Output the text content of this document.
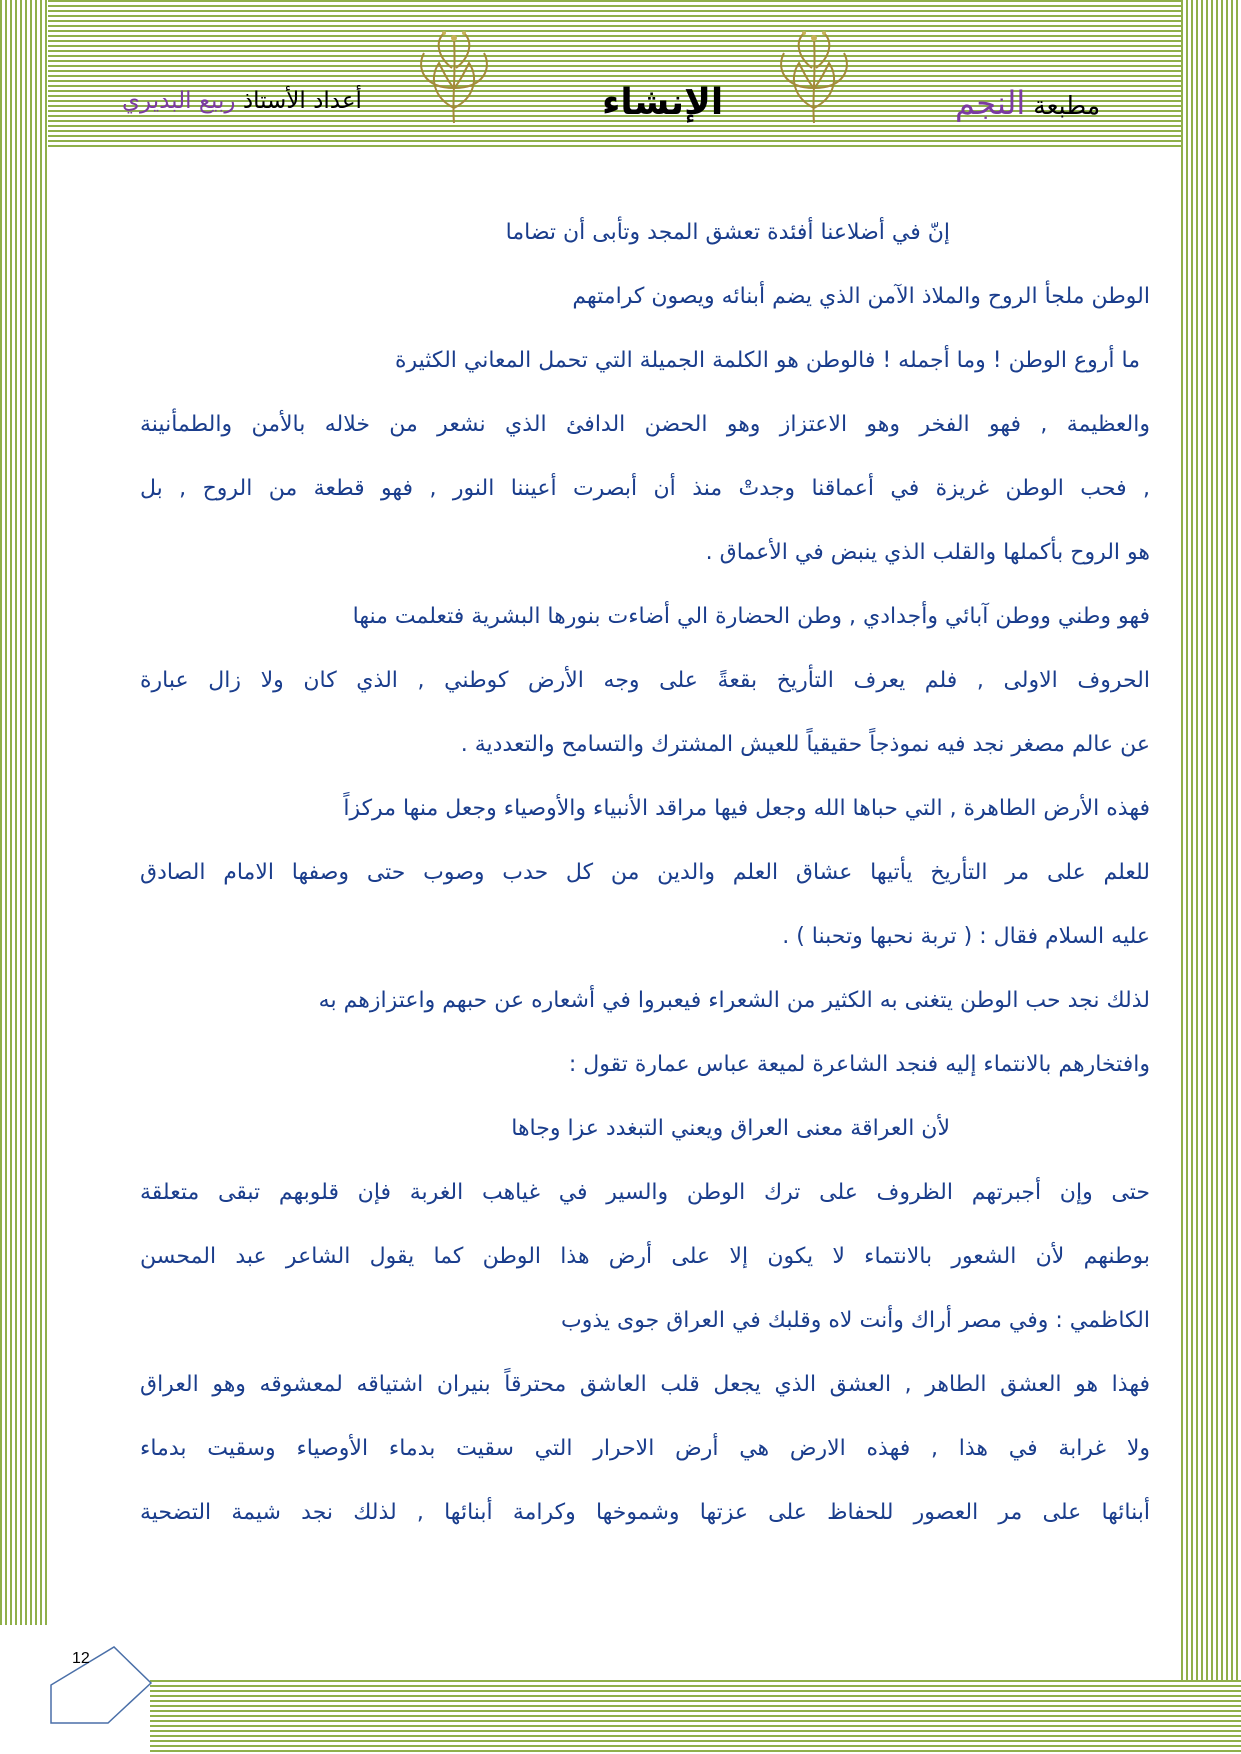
مطبعة النجم
الإنشاء
أعداد الأستاذ ربيع البديري
إنّ في أضلاعنا أفئدة تعشق المجد وتأبى أن تضاما
الوطن ملجأ الروح والملاذ الآمن الذي يضم أبنائه ويصون كرامتهم
ما أروع الوطن ! وما أجمله ! فالوطن هو الكلمة الجميلة التي تحمل المعاني الكثيرة
والعظيمة , فهو الفخر وهو الاعتزاز وهو الحضن الدافئ الذي نشعر من خلاله بالأمن والطمأنينة
, فحب الوطن غريزة في أعماقنا وجدتْ منذ أن أبصرت أعيننا النور , فهو قطعة من الروح , بل
هو الروح بأكملها والقلب الذي ينبض في الأعماق .
فهو وطني ووطن آبائي وأجدادي , وطن الحضارة الي أضاءت بنورها البشرية فتعلمت منها
الحروف الاولى , فلم يعرف التأريخ بقعةً على وجه الأرض كوطني , الذي كان ولا زال عبارة
عن عالم مصغر نجد فيه نموذجاً حقيقياً للعيش المشترك والتسامح والتعددية .
فهذه الأرض الطاهرة , التي حباها الله وجعل فيها مراقد الأنبياء والأوصياء وجعل منها مركزاً
للعلم على مر التأريخ يأتيها عشاق العلم والدين من كل حدب وصوب حتى وصفها الامام الصادق
عليه السلام فقال : ( تربة نحبها وتحبنا ) .
لذلك نجد حب الوطن يتغنى به الكثير من الشعراء فيعبروا في أشعاره عن حبهم واعتزازهم به
وافتخارهم بالانتماء إليه فنجد الشاعرة لميعة عباس عمارة تقول :
لأن العراقة معنى العراق ويعني التبغدد عزا وجاها
حتى وإن أجبرتهم الظروف على ترك الوطن والسير في غياهب الغربة فإن قلوبهم تبقى متعلقة
بوطنهم لأن الشعور بالانتماء لا يكون إلا على أرض هذا الوطن كما يقول الشاعر عبد المحسن
الكاظمي : وفي مصر أراك وأنت لاه وقلبك في العراق جوى يذوب
فهذا هو العشق الطاهر , العشق الذي يجعل قلب العاشق محترقاً بنيران اشتياقه لمعشوقه وهو العراق
ولا غرابة في هذا , فهذه الارض هي أرض الاحرار التي سقيت بدماء الأوصياء وسقيت بدماء
أبنائها على مر العصور للحفاظ على عزتها وشموخها وكرامة أبنائها , لذلك نجد شيمة التضحية
12
